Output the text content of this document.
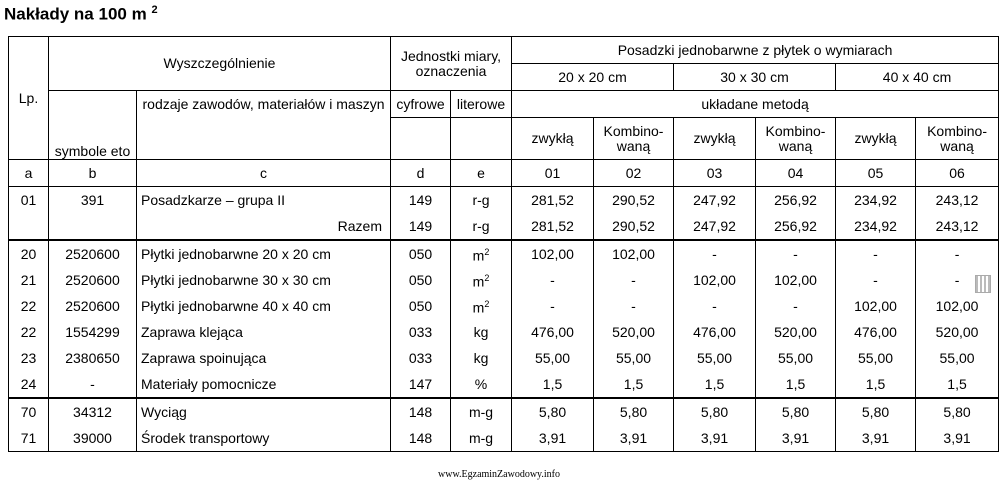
Nakłady na 100 m $^2$
Lp.	Wyszczególnienie		Jednostki miary, oznaczenia		Posadzki jednobarwne z płytek o wymiarach					
					20 x 20 cm		30 x 30 cm		40 x 40 cm	
	symbole eto	rodzaje zawodów, materiałów i maszyn	cyfrowe	literowe	układane metodą					
					zwykłą	Kombino-waną	zwykłą	Kombino-waną	zwykłą	Kombino-waną
a	b	c	d	e	01	02	03	04	05	06
01	391	Posadzkarze – grupa II	149	r-g	281,52	290,52	247,92	256,92	234,92	243,12
		Razem	149	r-g	281,52	290,52	247,92	256,92	234,92	243,12
20	2520600	Płytki jednobarwne 20 x 20 cm	050	$m^2$	102,00	102,00	-	-	-	-
21	2520600	Płytki jednobarwne 30 x 30 cm	050	$m^2$	-	-	102,00	102,00	-	-
22	2520600	Płytki jednobarwne 40 x 40 cm	050	$m^2$	-	-	-	-	102,00	102,00
22	1554299	Zaprawa klejąca	033	kg	476,00	520,00	476,00	520,00	476,00	520,00
23	2380650	Zaprawa spoinująca	033	kg	55,00	55,00	55,00	55,00	55,00	55,00
24	-	Materiały pomocnicze	147	%	1,5	1,5	1,5	1,5	1,5	1,5
70	34312	Wyciąg	148	m-g	5,80	5,80	5,80	5,80	5,80	5,80
71	39000	Środek transportowy	148	m-g	3,91	3,91	3,91	3,91	3,91	3,91
www.EgzaminZawodowy.info
